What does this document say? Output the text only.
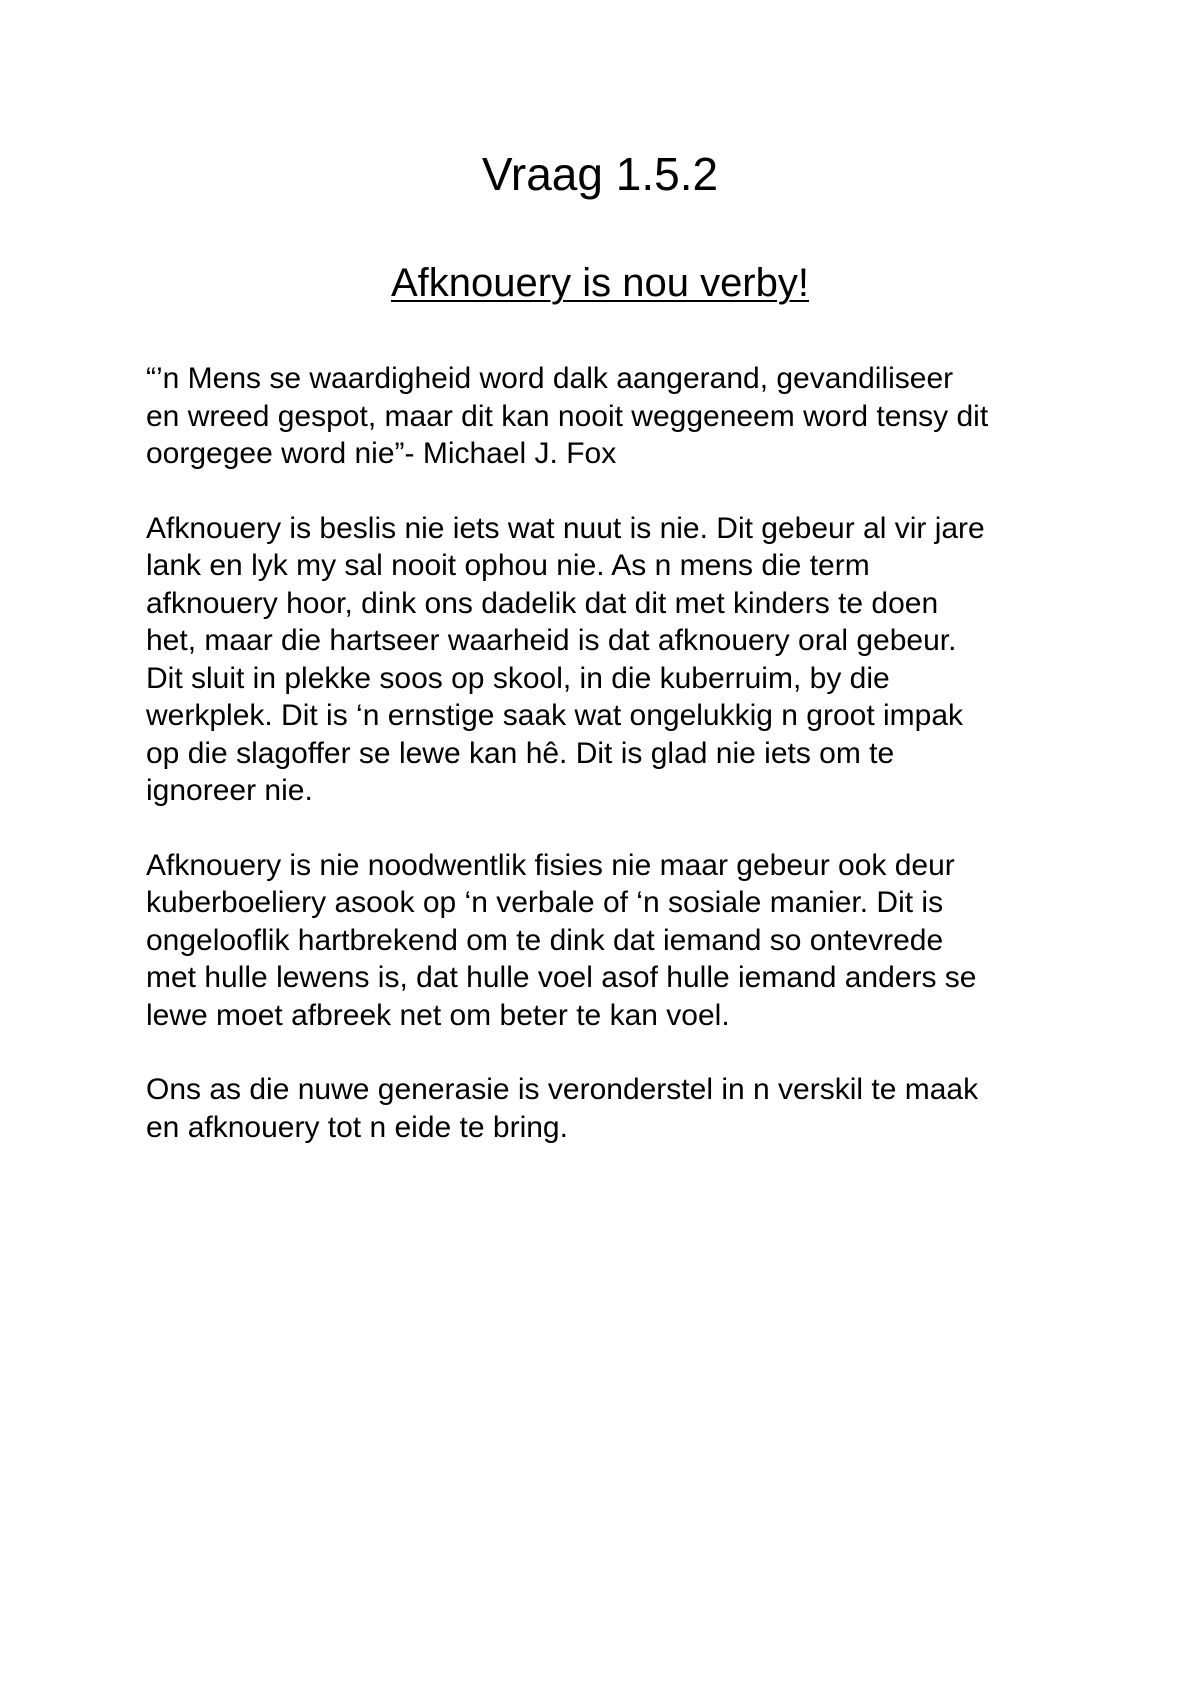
Vraag 1.5.2
Afknouery is nou verby!

“’n Mens se waardigheid word dalk aangerand, gevandiliseer
en wreed gespot, maar dit kan nooit weggeneem word tensy dit
oorgegee word nie”- Michael J. Fox

Afknouery is beslis nie iets wat nuut is nie. Dit gebeur al vir jare
lank en lyk my sal nooit ophou nie. As n mens die term
afknouery hoor, dink ons dadelik dat dit met kinders te doen
het, maar die hartseer waarheid is dat afknouery oral gebeur.
Dit sluit in plekke soos op skool, in die kuberruim, by die
werkplek. Dit is ‘n ernstige saak wat ongelukkig n groot impak
op die slagoffer se lewe kan hê. Dit is glad nie iets om te
ignoreer nie.

Afknouery is nie noodwentlik fisies nie maar gebeur ook deur
kuberboeliery asook op ‘n verbale of ‘n sosiale manier. Dit is
ongelooflik hartbrekend om te dink dat iemand so ontevrede
met hulle lewens is, dat hulle voel asof hulle iemand anders se
lewe moet afbreek net om beter te kan voel.

Ons as die nuwe generasie is veronderstel in n verskil te maak
en afknouery tot n eide te bring.
